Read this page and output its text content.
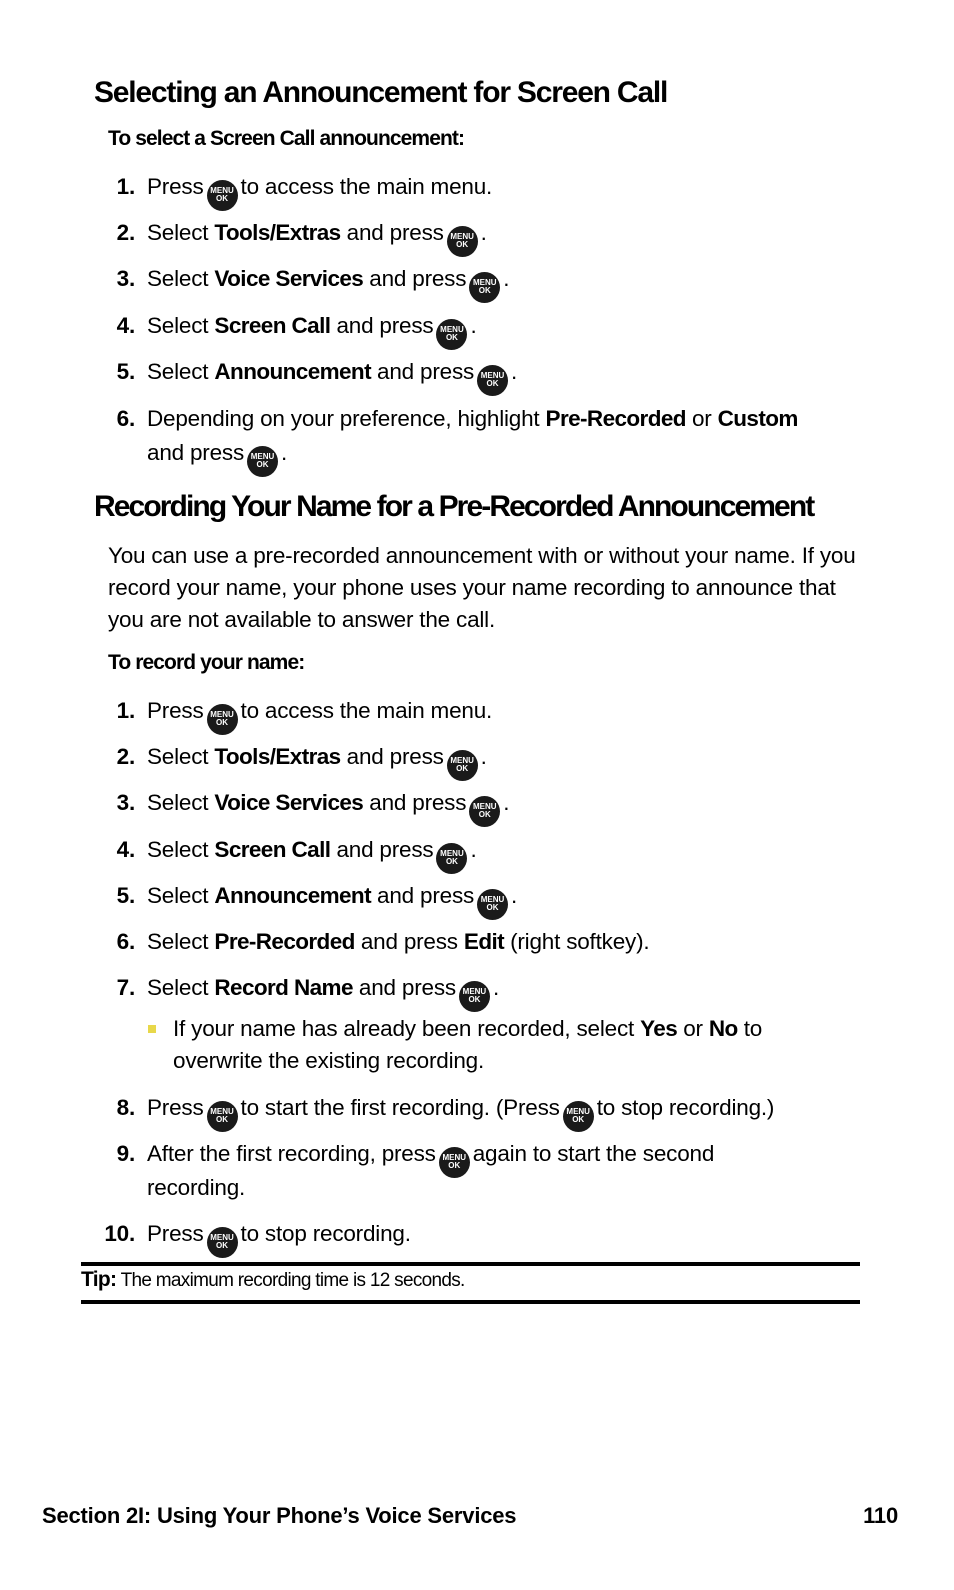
Selecting an Announcement for Screen Call
To select a Screen Call announcement:
1. Press MENU
OK to access the main menu.
2. Select Tools/Extras and press MENU
OK .
3. Select Voice Services and press MENU
OK .
4. Select Screen Call and press MENU
OK .
5. Select Announcement and press MENU
OK .
6. Depending on your preference, highlight Pre-Recorded or Custom
and press MENU
OK .
Recording Your Name for a Pre-Recorded Announcement
You can use a pre-recorded announcement with or without your name. If you record your name, your phone uses your name recording to announce that you are not available to answer the call.
To record your name:
1. Press MENU
OK to access the main menu.
2. Select Tools/Extras and press MENU
OK .
3. Select Voice Services and press MENU
OK .
4. Select Screen Call and press MENU
OK .
5. Select Announcement and press MENU
OK .
6. Select Pre-Recorded and press Edit (right softkey).
7. Select Record Name and press MENU
OK .
If your name has already been recorded, select Yes or No to
overwrite the existing recording.
8. Press MENU
OK to start the first recording. (Press MENU
OK to stop recording.)
9. After the first recording, press MENU
OK again to start the second
recording.
10. Press MENU
OK to stop recording.
Tip: The maximum recording time is 12 seconds.
Section 2I: Using Your Phone’s Voice Services	110
